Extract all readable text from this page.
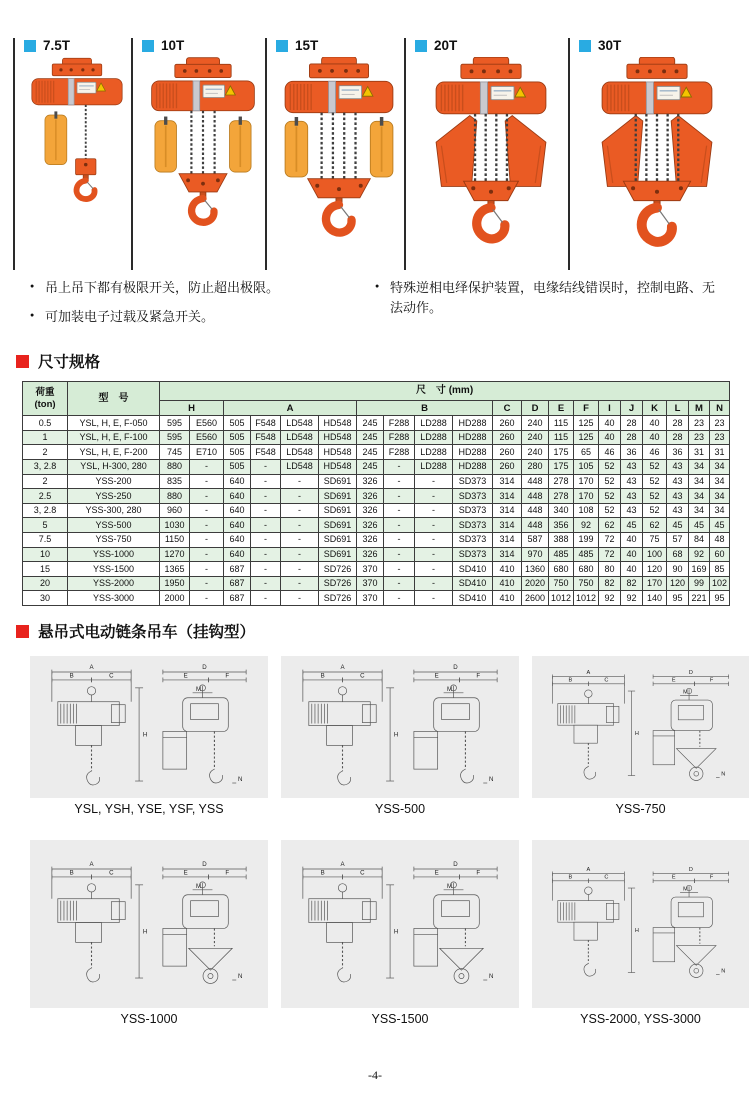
7.5T	10T	15T	20T	30T
● 吊上吊下都有极限开关，防止超出极限。
● 可加装电子过载及紧急开关。
● 特殊逆相电绎保护装置，电缘结线错误时，控制电路、无法动作。
尺寸规格
荷重
(ton)	型　号	尺　寸 (mm)																			
		H		A				B				C	D	E	F	I	J	K	L	M	N
0.5	YSL, H, E, F-050	595	E560	505	F548	LD548	HD548	245	F288	LD288	HD288	260	240	115	125	40	28	40	28	23	23
1	YSL, H, E, F-100	595	E560	505	F548	LD548	HD548	245	F288	LD288	HD288	260	240	115	125	40	28	40	28	23	23
2	YSL, H, E, F-200	745	E710	505	F548	LD548	HD548	245	F288	LD288	HD288	260	240	175	65	46	36	46	36	31	31
3, 2.8	YSL, H-300, 280	880	-	505	-	LD548	HD548	245	-	LD288	HD288	260	280	175	105	52	43	52	43	34	34
2	YSS-200	835	-	640	-	-	SD691	326	-	-	SD373	314	448	278	170	52	43	52	43	34	34
2.5	YSS-250	880	-	640	-	-	SD691	326	-	-	SD373	314	448	278	170	52	43	52	43	34	34
3, 2.8	YSS-300, 280	960	-	640	-	-	SD691	326	-	-	SD373	314	448	340	108	52	43	52	43	34	34
5	YSS-500	1030	-	640	-	-	SD691	326	-	-	SD373	314	448	356	92	62	45	62	45	45	45
7.5	YSS-750	1150	-	640	-	-	SD691	326	-	-	SD373	314	587	388	199	72	40	75	57	84	48
10	YSS-1000	1270	-	640	-	-	SD691	326	-	-	SD373	314	970	485	485	72	40	100	68	92	60
15	YSS-1500	1365	-	687	-	-	SD726	370	-	-	SD410	410	1360	680	680	80	40	120	90	169	85
20	YSS-2000	1950	-	687	-	-	SD726	370	-	-	SD410	410	2020	750	750	82	82	170	120	99	102
30	YSS-3000	2000	-	687	-	-	SD726	370	-	-	SD410	410	2600	1012	1012	92	92	140	95	221	95
悬吊式电动链条吊车（挂钩型）
A
B	C
H
D
E	F
M
N
YSL, YSH, YSE, YSF, YSS
A
B	C
H
D
E	F
M
N
YSS-500
A
B	C
H
D
E	F
M
N
YSS-750
A
B	C
H
D
E	F
M
N
YSS-1000
A
B	C
H
D
E	F
M
N
YSS-1500
A
B	C
H
D
E	F
M
N
YSS-2000, YSS-3000
-4-
